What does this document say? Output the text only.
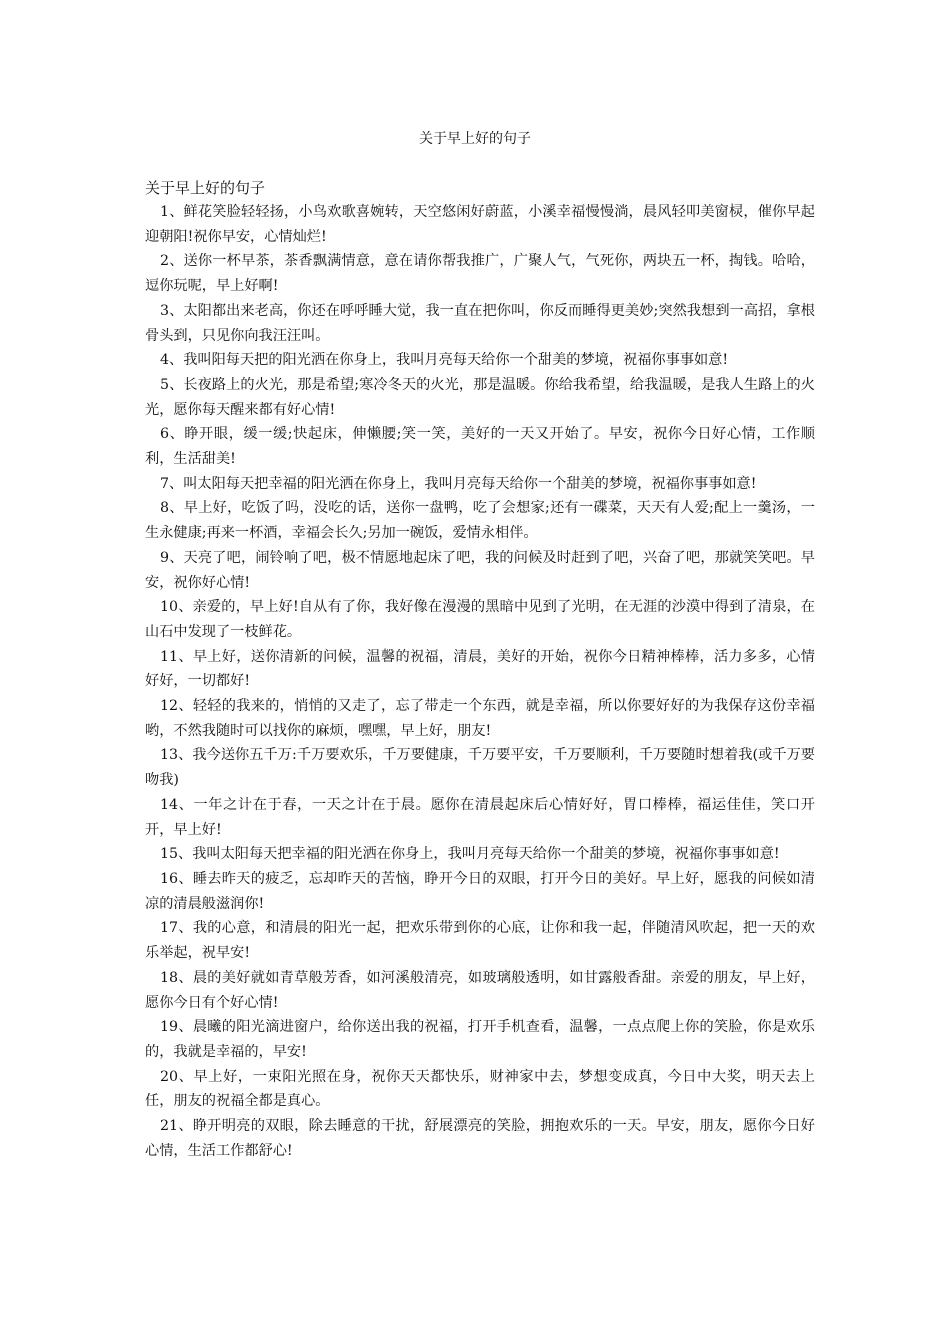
关于早上好的句子
关于早上好的句子

1、鲜花笑脸轻轻扬，小鸟欢歌喜婉转，天空悠闲好蔚蓝，小溪幸福慢慢淌，晨风轻叩美窗棂，催你早起迎朝阳!祝你早安，心情灿烂!

2、送你一杯早茶，茶香飘满情意，意在请你帮我推广，广聚人气，气死你，两块五一杯，掏钱。哈哈，逗你玩呢，早上好啊!

3、太阳都出来老高，你还在呼呼睡大觉，我一直在把你叫，你反而睡得更美妙;突然我想到一高招，拿根骨头到，只见你向我汪汪叫。

4、我叫阳每天把的阳光洒在你身上，我叫月亮每天给你一个甜美的梦境，祝福你事事如意!

5、长夜路上的火光，那是希望;寒冷冬天的火光，那是温暖。你给我希望，给我温暖，是我人生路上的火光，愿你每天醒来都有好心情!

6、睁开眼，缓一缓;快起床，伸懒腰;笑一笑，美好的一天又开始了。早安，祝你今日好心情，工作顺利，生活甜美!

7、叫太阳每天把幸福的阳光洒在你身上，我叫月亮每天给你一个甜美的梦境，祝福你事事如意!

8、早上好，吃饭了吗，没吃的话，送你一盘鸭，吃了会想家;还有一碟菜，天天有人爱;配上一羹汤，一生永健康;再来一杯酒，幸福会长久;另加一碗饭，爱情永相伴。

9、天亮了吧，闹铃响了吧，极不情愿地起床了吧，我的问候及时赶到了吧，兴奋了吧，那就笑笑吧。早安，祝你好心情!

10、亲爱的，早上好!自从有了你，我好像在漫漫的黑暗中见到了光明，在无涯的沙漠中得到了清泉，在山石中发现了一枝鲜花。

11、早上好，送你清新的问候，温馨的祝福，清晨，美好的开始，祝你今日精神棒棒，活力多多，心情好好，一切都好!

12、轻轻的我来的，悄悄的又走了，忘了带走一个东西，就是幸福，所以你要好好的为我保存这份幸福哟，不然我随时可以找你的麻烦，嘿嘿，早上好，朋友!

13、我今送你五千万:千万要欢乐，千万要健康，千万要平安，千万要顺利，千万要随时想着我(或千万要吻我)

14、一年之计在于春，一天之计在于晨。愿你在清晨起床后心情好好，胃口棒棒，福运佳佳，笑口开开，早上好!

15、我叫太阳每天把幸福的阳光洒在你身上，我叫月亮每天给你一个甜美的梦境，祝福你事事如意!

16、睡去昨天的疲乏，忘却昨天的苦恼，睁开今日的双眼，打开今日的美好。早上好，愿我的问候如清凉的清晨般滋润你!

17、我的心意，和清晨的阳光一起，把欢乐带到你的心底，让你和我一起，伴随清风吹起，把一天的欢乐举起，祝早安!

18、晨的美好就如青草般芳香，如河溪般清亮，如玻璃般透明，如甘露般香甜。亲爱的朋友，早上好，愿你今日有个好心情!

19、晨曦的阳光滴进窗户，给你送出我的祝福，打开手机查看，温馨，一点点爬上你的笑脸，你是欢乐的，我就是幸福的，早安!

20、早上好，一束阳光照在身，祝你天天都快乐，财神家中去，梦想变成真，今日中大奖，明天去上任，朋友的祝福全都是真心。

21、睁开明亮的双眼，除去睡意的干扰，舒展漂亮的笑脸，拥抱欢乐的一天。早安，朋友，愿你今日好心情，生活工作都舒心!
